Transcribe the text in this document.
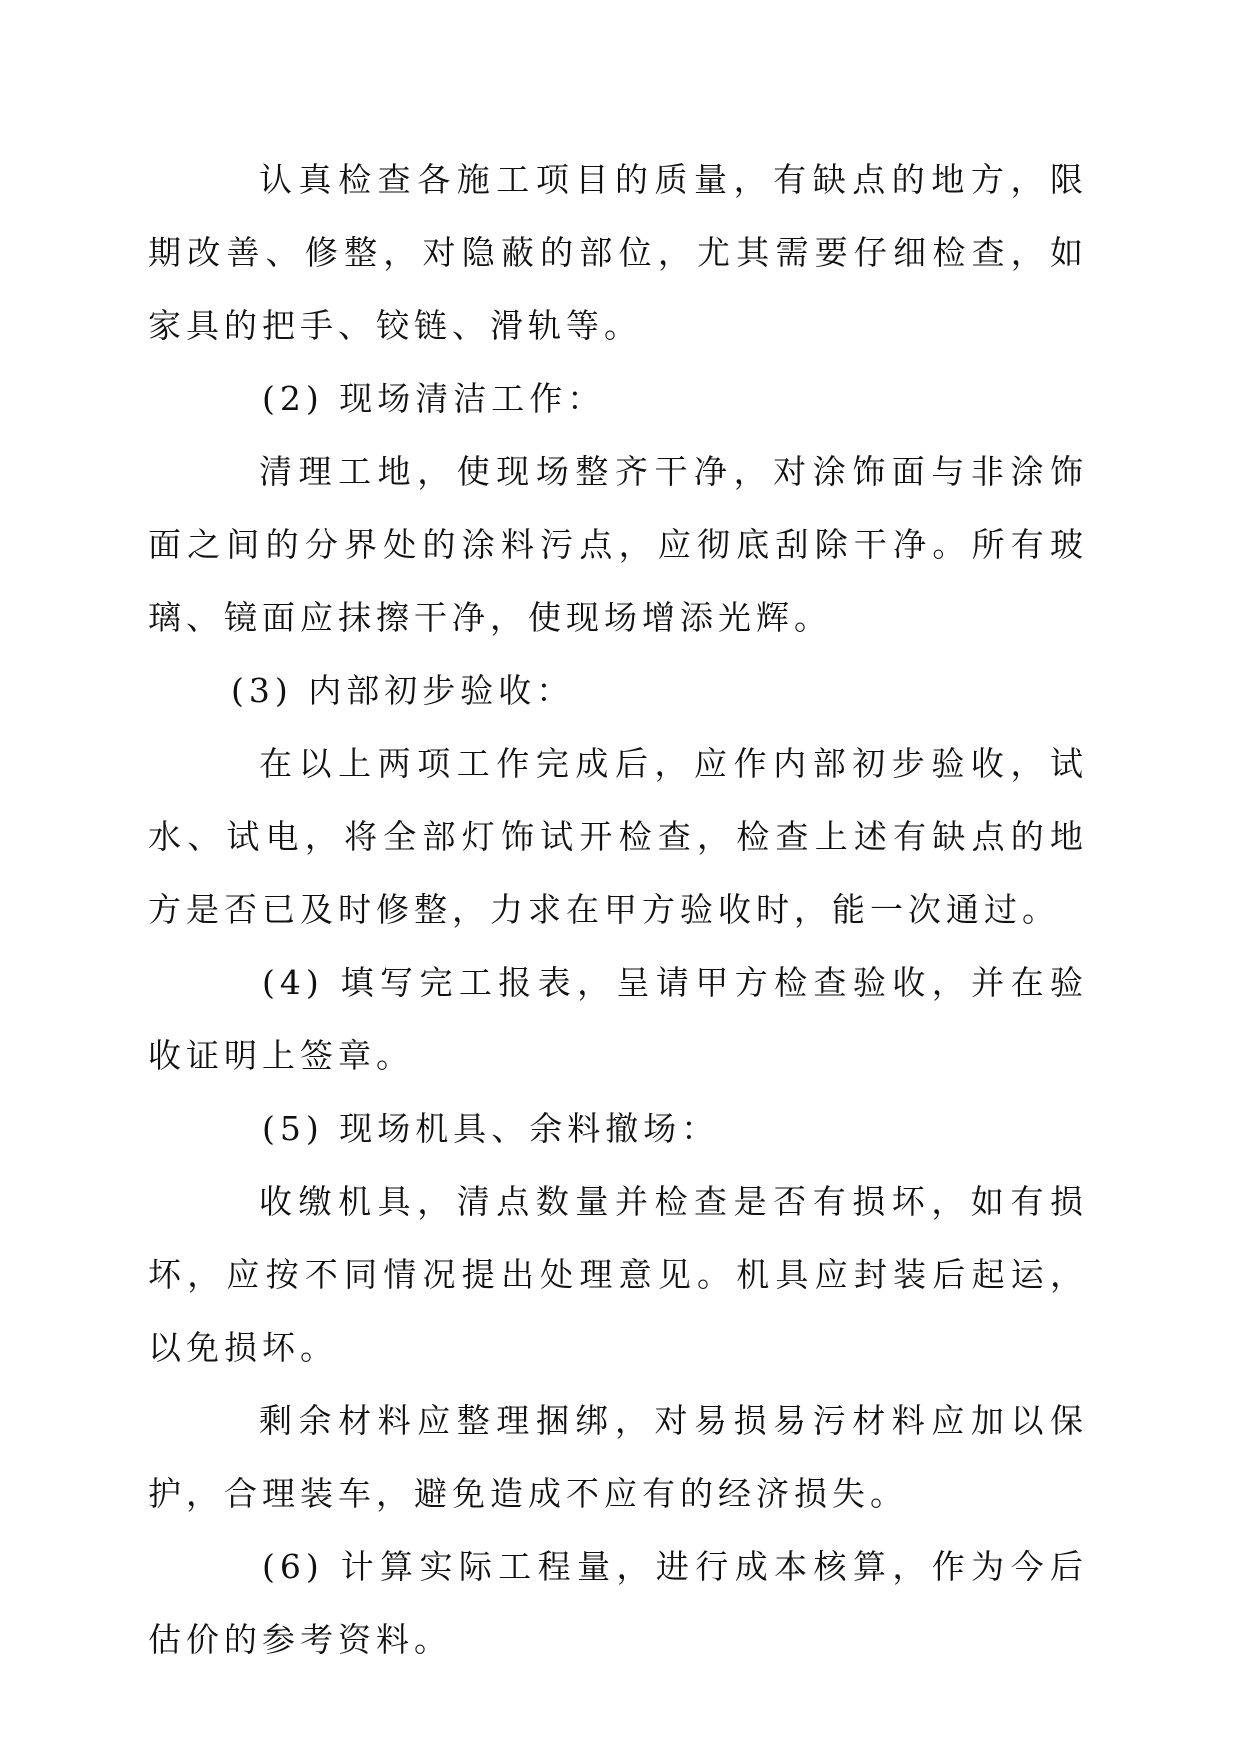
认真检查各施工项目的质量，有缺点的地方，限期改善、修整，对隐蔽的部位，尤其需要仔细检查，如家具的把手、铰链、滑轨等。

(2) 现场清洁工作：

清理工地，使现场整齐干净，对涂饰面与非涂饰面之间的分界处的涂料污点，应彻底刮除干净。所有玻璃、镜面应抹擦干净，使现场增添光辉。

(3) 内部初步验收：

在以上两项工作完成后，应作内部初步验收，试水、试电，将全部灯饰试开检查，检查上述有缺点的地方是否已及时修整，力求在甲方验收时，能一次通过。

(4) 填写完工报表，呈请甲方检查验收，并在验收证明上签章。

(5) 现场机具、余料撤场：

收缴机具，清点数量并检查是否有损坏，如有损坏，应按不同情况提出处理意见。机具应封装后起运，以免损坏。

剩余材料应整理捆绑，对易损易污材料应加以保护，合理装车，避免造成不应有的经济损失。

(6) 计算实际工程量，进行成本核算，作为今后估价的参考资料。
